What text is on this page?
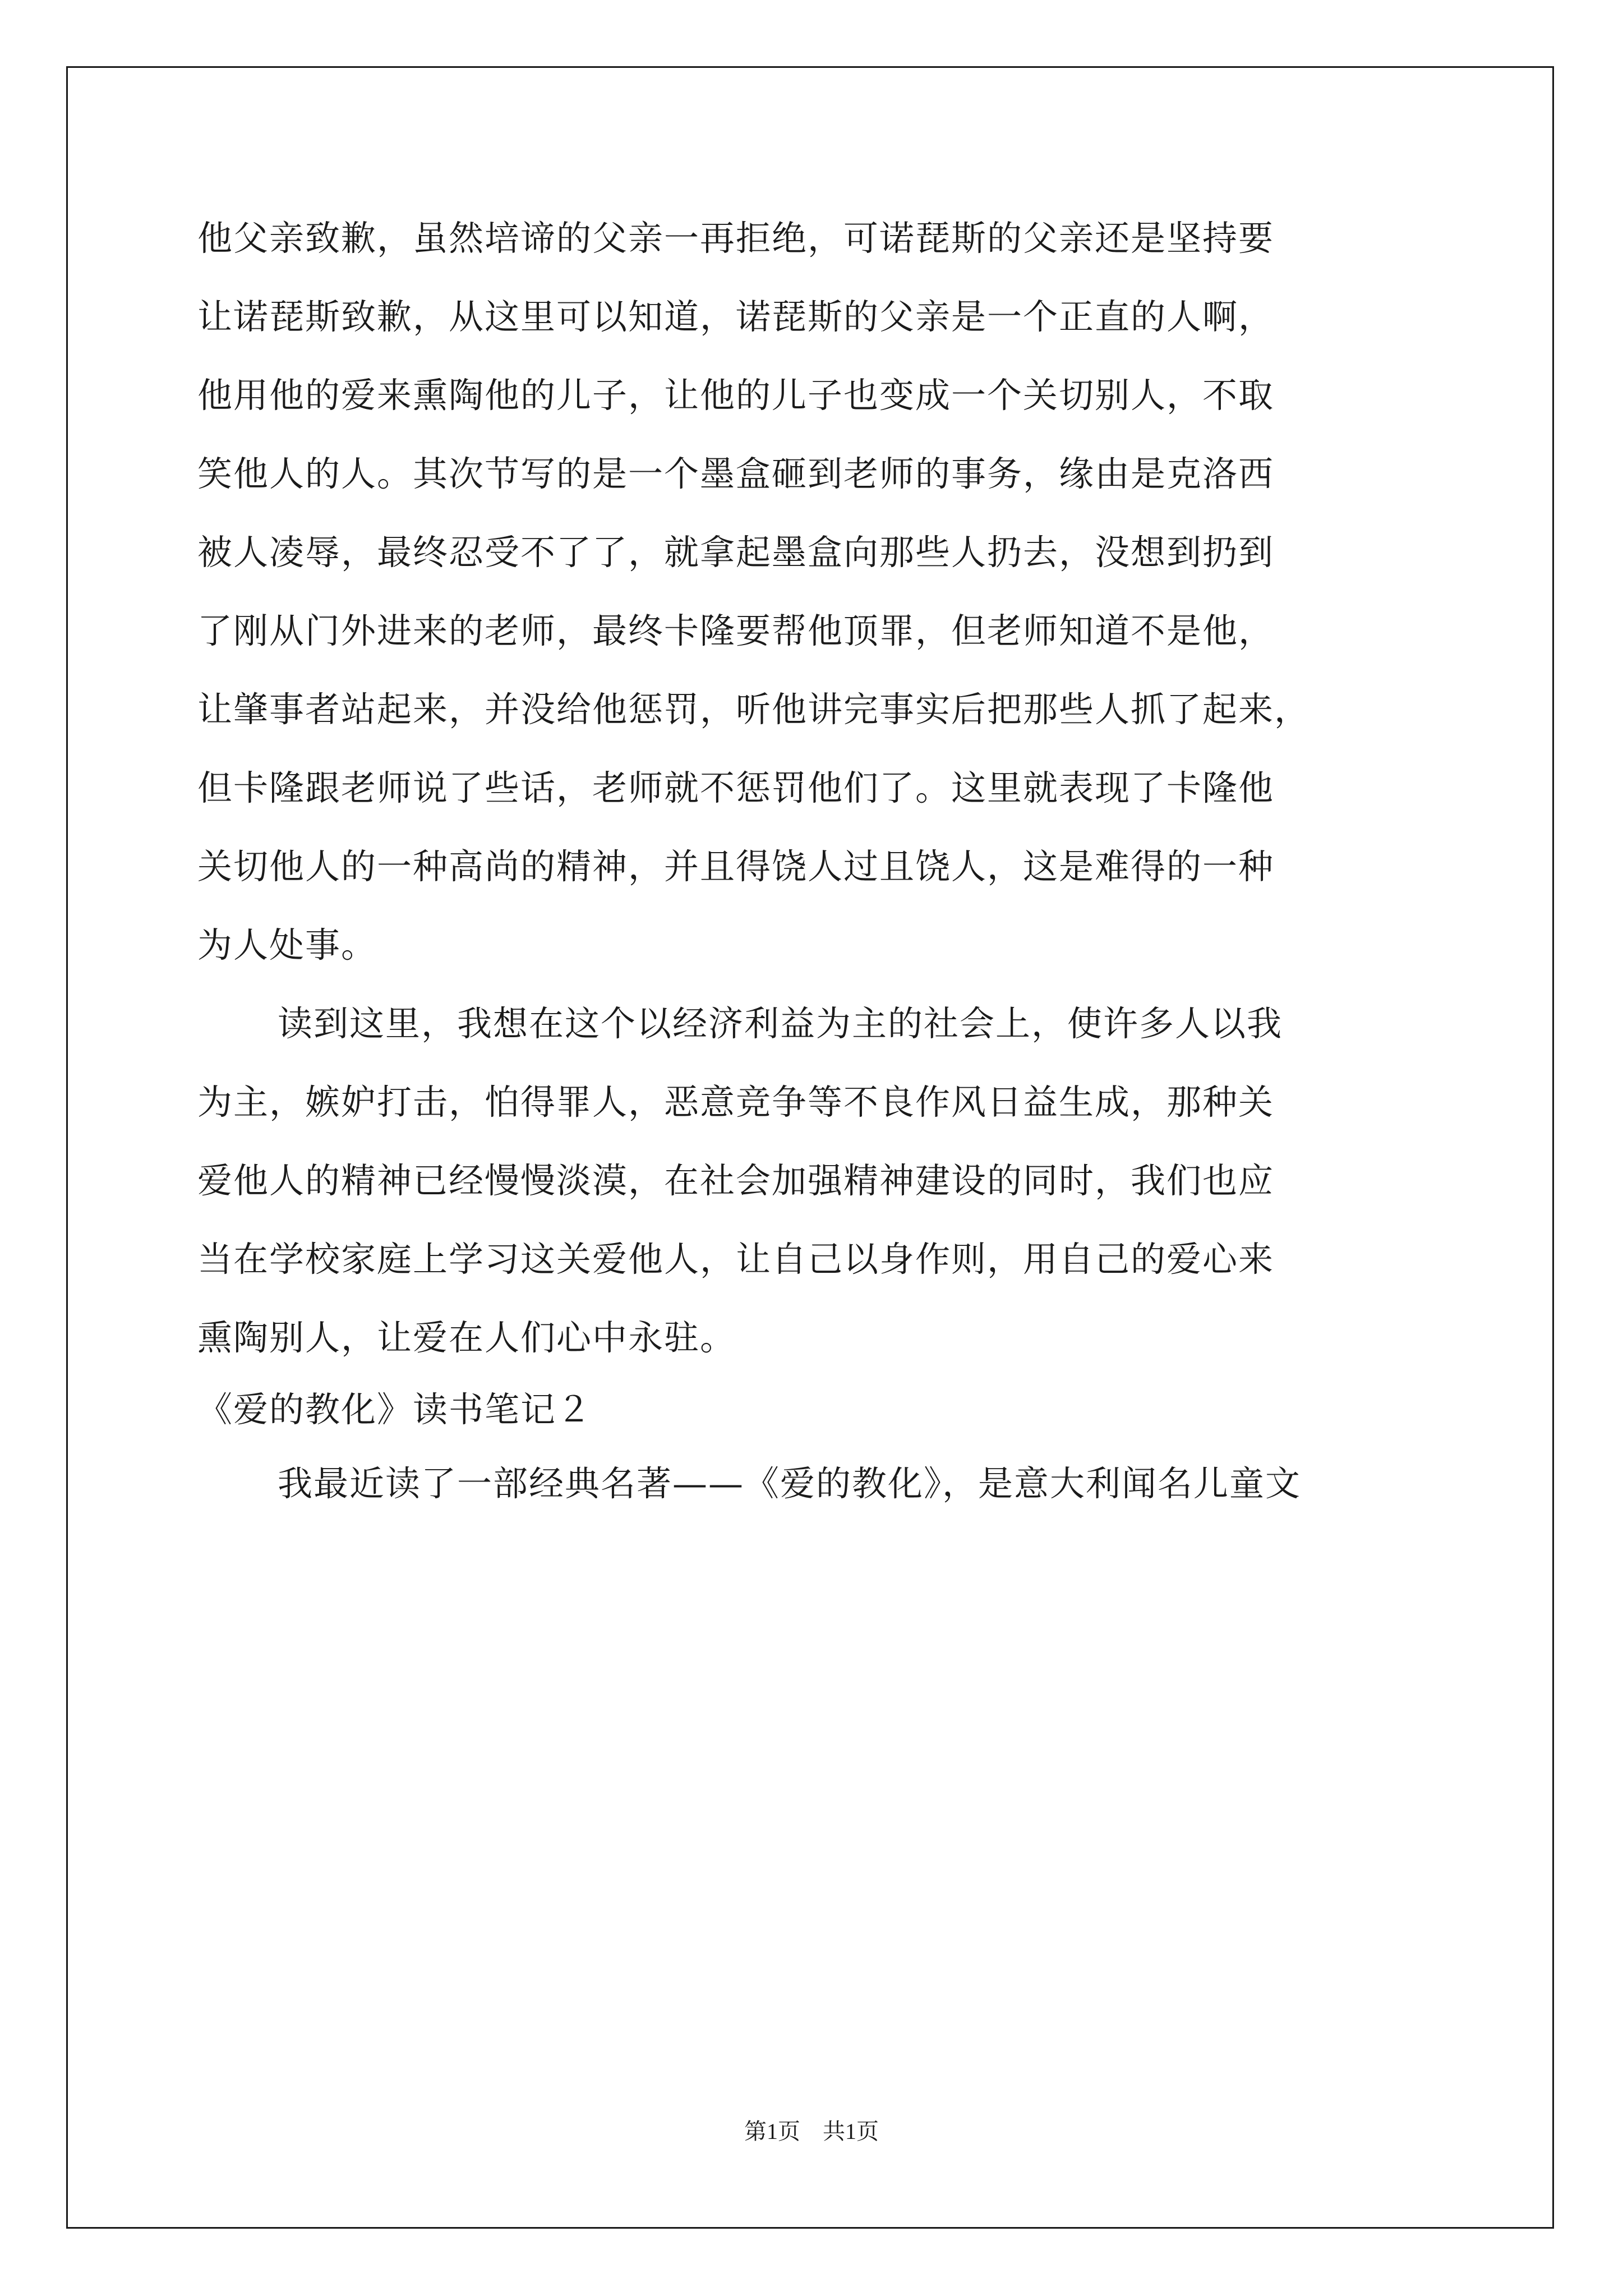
他父亲致歉，虽然培谛的父亲一再拒绝，可诺琵斯的父亲还是坚持要
让诺琵斯致歉，从这里可以知道，诺琵斯的父亲是一个正直的人啊，
他用他的爱来熏陶他的儿子，让他的儿子也变成一个关切别人，不取
笑他人的人。其次节写的是一个墨盒砸到老师的事务，缘由是克洛西
被人凌辱，最终忍受不了了，就拿起墨盒向那些人扔去，没想到扔到
了刚从门外进来的老师，最终卡隆要帮他顶罪，但老师知道不是他，
让肇事者站起来，并没给他惩罚，听他讲完事实后把那些人抓了起来，
但卡隆跟老师说了些话，老师就不惩罚他们了。这里就表现了卡隆他
关切他人的一种高尚的精神，并且得饶人过且饶人，这是难得的一种
为人处事。
读到这里，我想在这个以经济利益为主的社会上，使许多人以我
为主，嫉妒打击，怕得罪人，恶意竞争等不良作风日益生成，那种关
爱他人的精神已经慢慢淡漠，在社会加强精神建设的同时，我们也应
当在学校家庭上学习这关爱他人，让自己以身作则，用自己的爱心来
熏陶别人，让爱在人们心中永驻。
《爱的教化》读书笔记２
我最近读了一部经典名著——《爱的教化》，是意大利闻名儿童文
第1页　共1页
